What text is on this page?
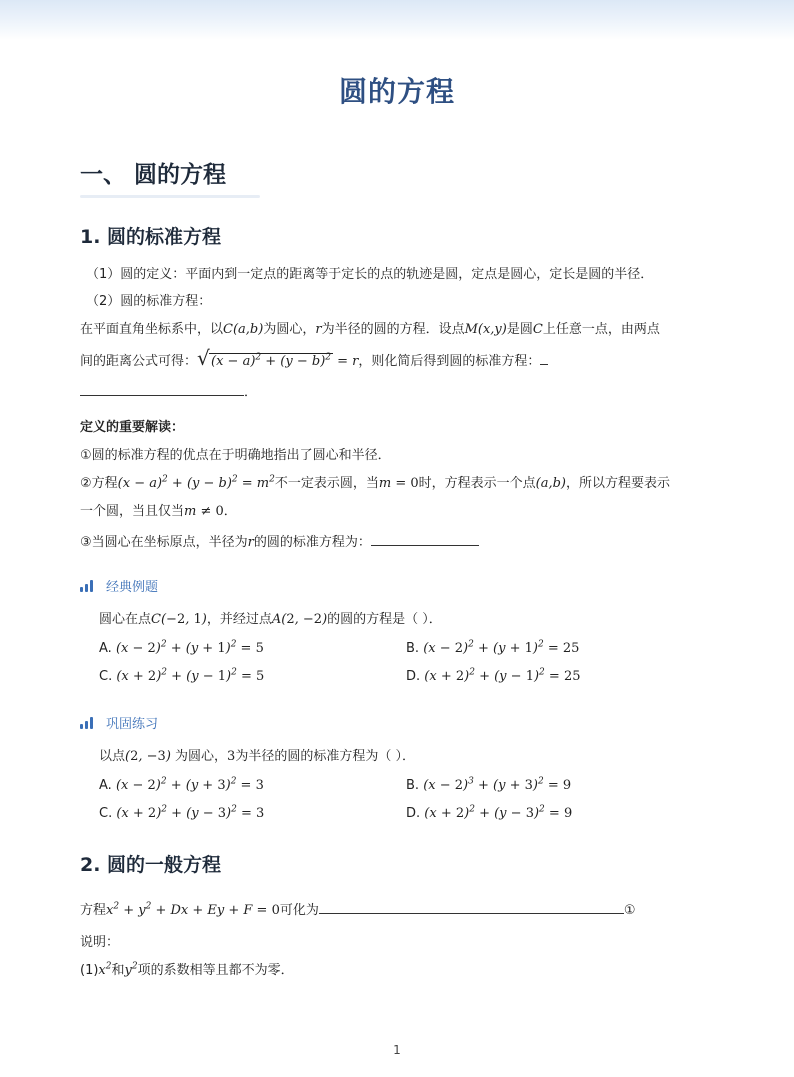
圆的方程
一、 圆的方程
1. 圆的标准方程
（1）圆的定义：平面内到一定点的距离等于定长的点的轨迹是圆，定点是圆心，定长是圆的半径．
（2）圆的标准方程：
在平面直角坐标系中，以C(a,b)为圆心，r为半径的圆的方程．设点M(x,y)是圆C上任意一点，由两点
间的距离公式可得： √ $(x - a)^2 + (y - b)^2 = r$，则化简后得到圆的标准方程：
．
定义的重要解读：
①圆的标准方程的优点在于明确地指出了圆心和半径．
②方程$(x - a)^2 + (y - b)^2 = m^2$不一定表示圆，当m = 0时，方程表示一个点(a,b)，所以方程要表示
一个圆，当且仅当m ≠ 0．
③当圆心在坐标原点，半径为r的圆的标准方程为：
经典例题
圆心在点C(−2, 1)，并经过点A(2, −2)的圆的方程是（ ）．
A. $(x - 2)^2 + (y + 1)^2 = 5$	B. $(x - 2)^2 + (y + 1)^2 = 25$
C. $(x + 2)^2 + (y - 1)^2 = 5$	D. $(x + 2)^2 + (y - 1)^2 = 25$
巩固练习
以点(2, −3) 为圆心，3为半径的圆的标准方程为（ ）．
A. $(x - 2)^2 + (y + 3)^2 = 3$	B. $(x - 2)^3 + (y + 3)^2 = 9$
C. $(x + 2)^2 + (y - 3)^2 = 3$	D. $(x + 2)^2 + (y - 3)^2 = 9$
2. 圆的一般方程
方程$x^2 + y^2 + Dx + Ey + F = 0$可化为	①
说明：
$(1)x^2$和$y^2$项的系数相等且都不为零．
1
